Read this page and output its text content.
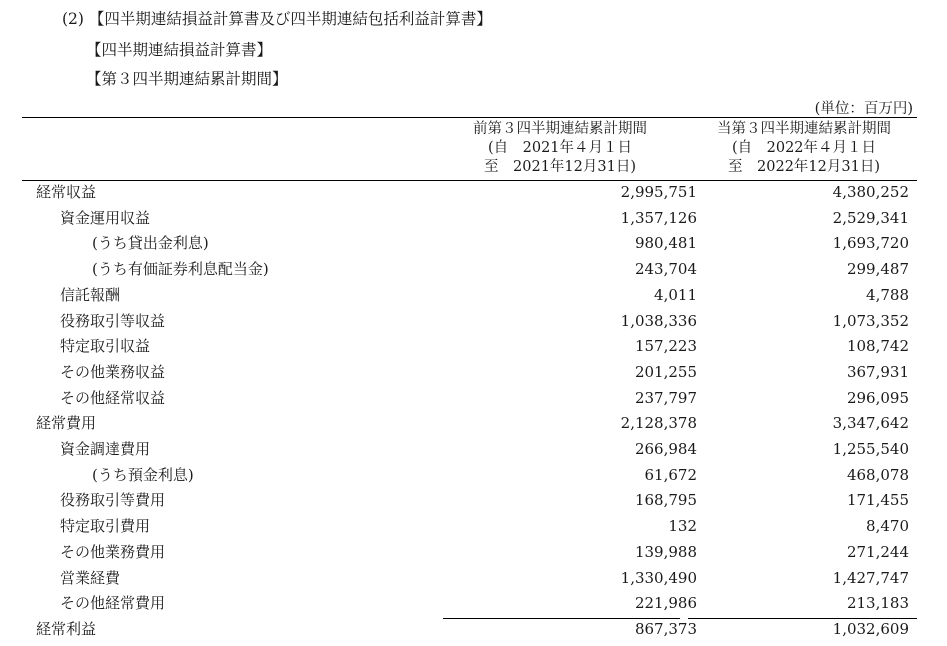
(2) 【四半期連結損益計算書及び四半期連結包括利益計算書】
【四半期連結損益計算書】
【第３四半期連結累計期間】
(単位：百万円)
前第３四半期連結累計期間
(自　2021年４月１日
至　2021年12月31日)
当第３四半期連結累計期間
(自　2022年４月１日
至　2022年12月31日)
経常収益	2,995,751	4,380,252
資金運用収益	1,357,126	2,529,341
(うち貸出金利息)	980,481	1,693,720
(うち有価証券利息配当金)	243,704	299,487
信託報酬	4,011	4,788
役務取引等収益	1,038,336	1,073,352
特定取引収益	157,223	108,742
その他業務収益	201,255	367,931
その他経常収益	237,797	296,095
経常費用	2,128,378	3,347,642
資金調達費用	266,984	1,255,540
(うち預金利息)	61,672	468,078
役務取引等費用	168,795	171,455
特定取引費用	132	8,470
その他業務費用	139,988	271,244
営業経費	1,330,490	1,427,747
その他経常費用	221,986	213,183
経常利益	867,373	1,032,609
